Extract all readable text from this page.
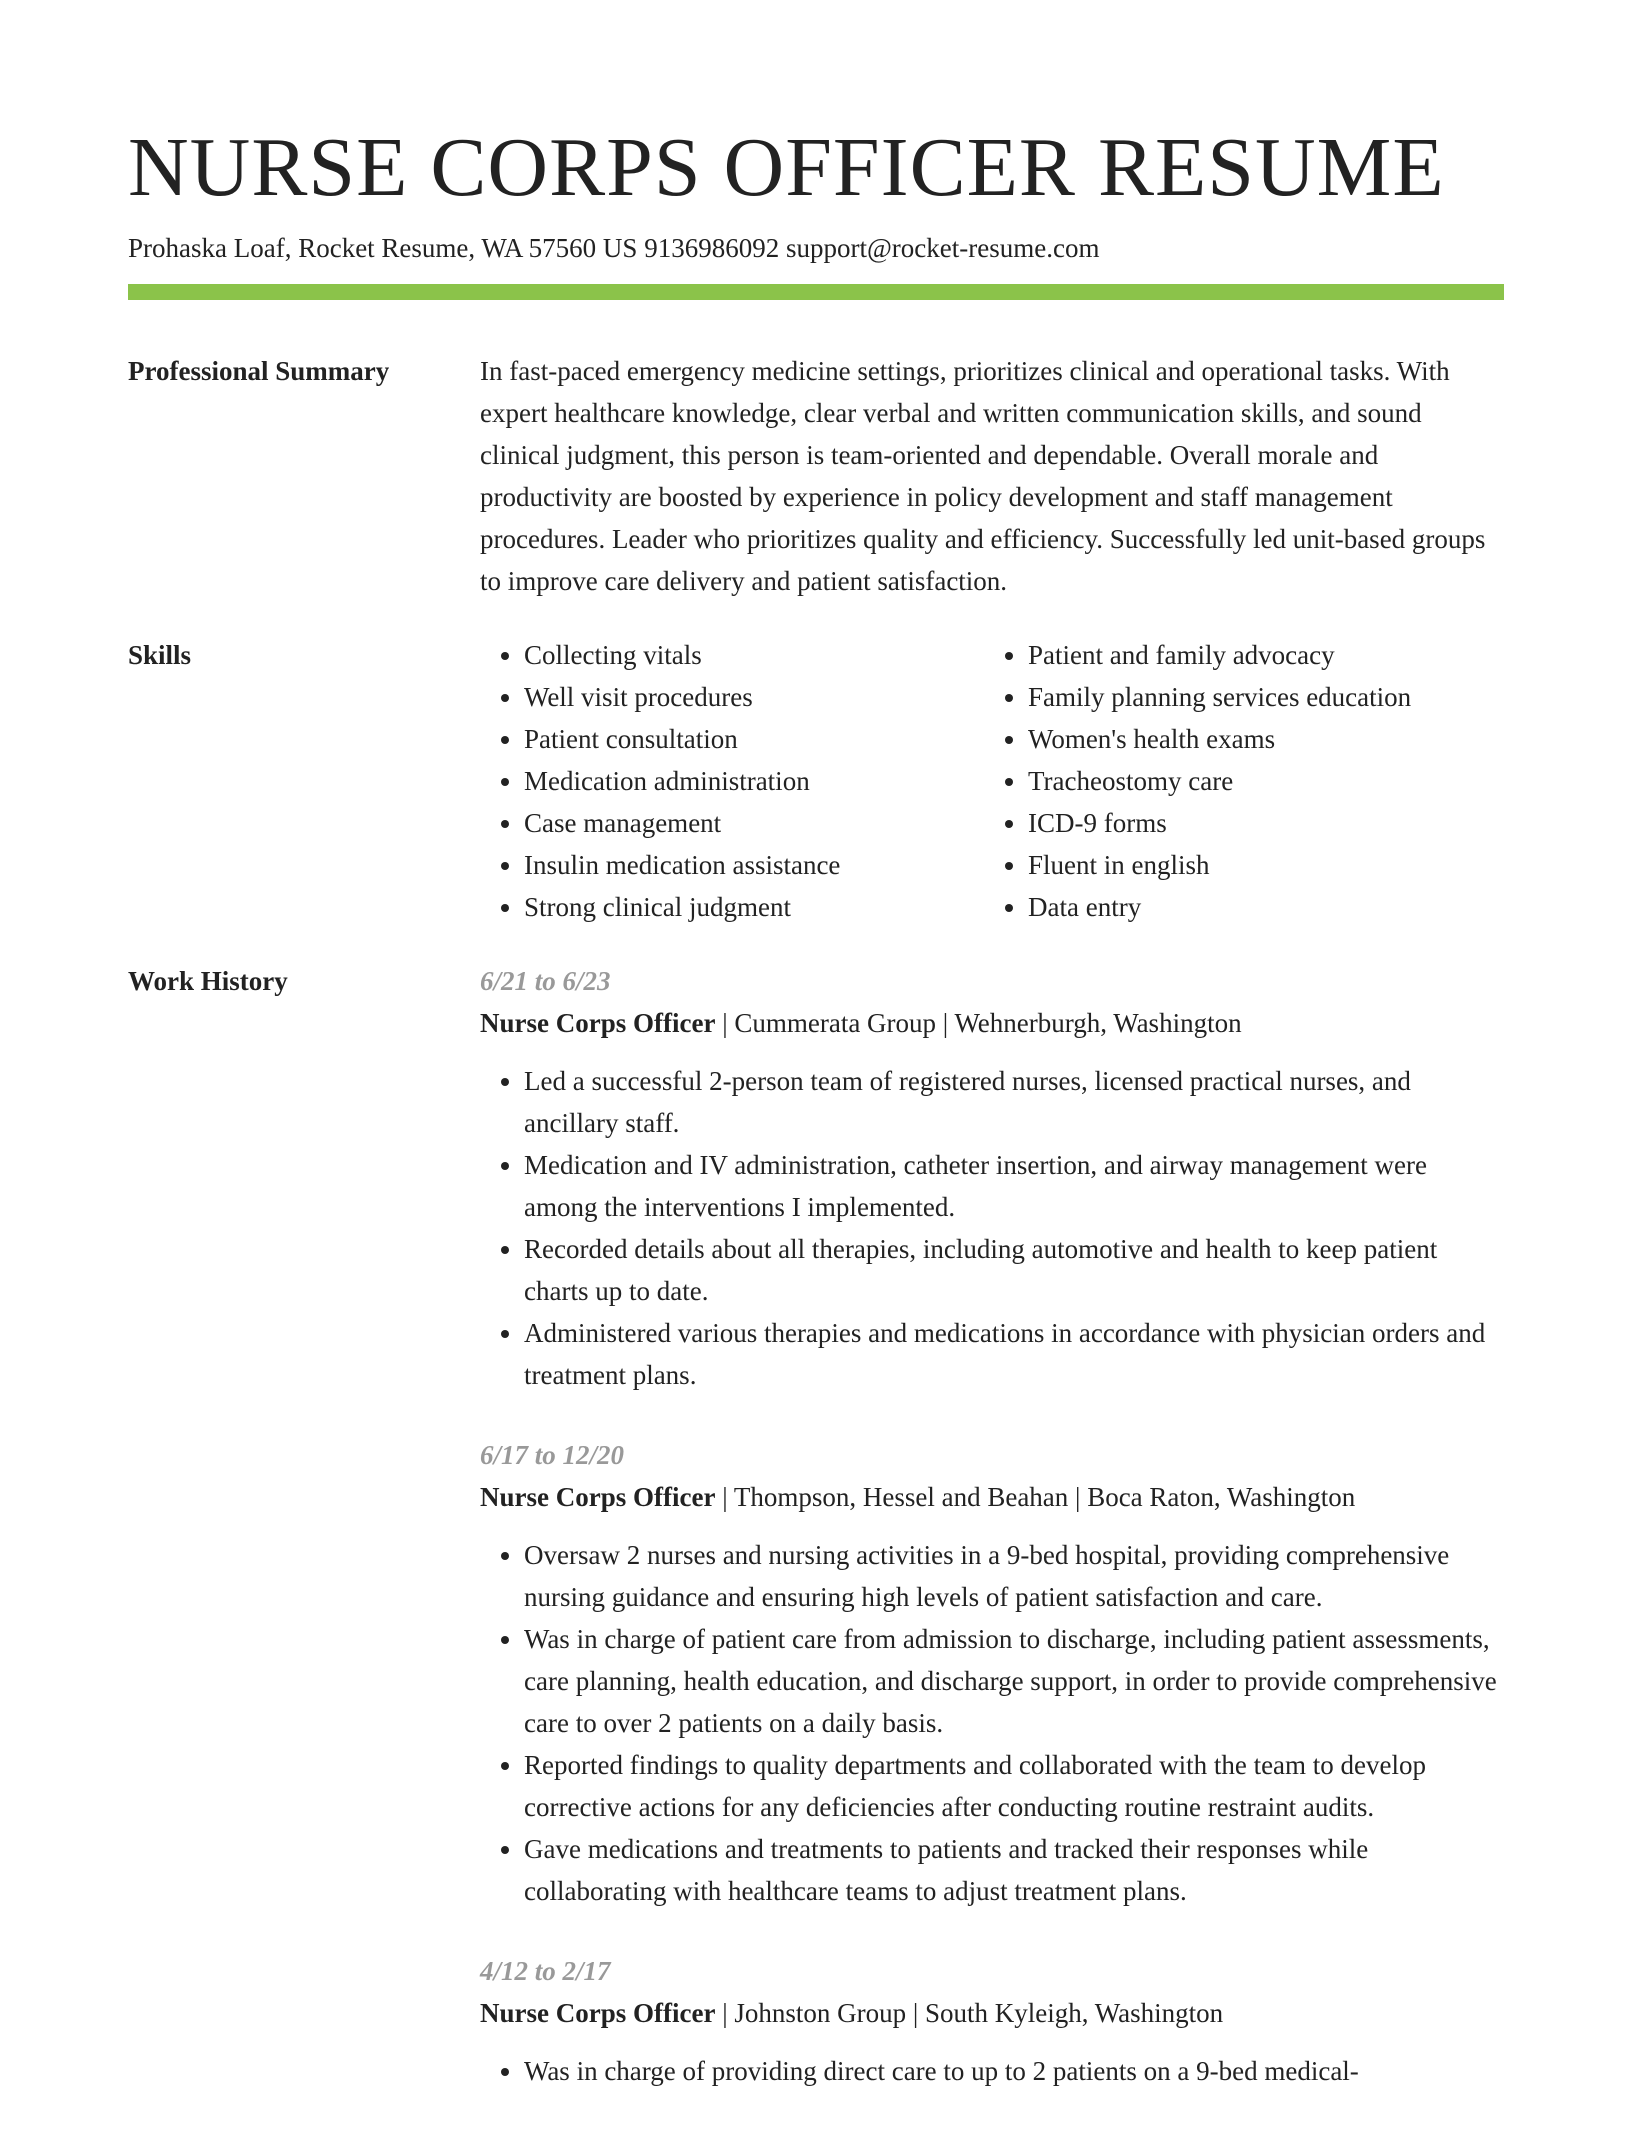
NURSE CORPS OFFICER RESUME
Prohaska Loaf, Rocket Resume, WA 57560 US 9136986092 support@rocket-resume.com
Professional Summary	In fast-paced emergency medicine settings, prioritizes clinical and operational tasks. With expert healthcare knowledge, clear verbal and written communication skills, and sound clinical judgment, this person is team-oriented and dependable. Overall morale and productivity are boosted by experience in policy development and staff management procedures. Leader who prioritizes quality and efficiency. Successfully led unit-based groups to improve care delivery and patient satisfaction.

Skills
•	Collecting vitals
• Well visit procedures
• Patient consultation
• Medication administration
• Case management
• Insulin medication assistance
• Strong clinical judgment
• Patient and family advocacy
• Family planning services education
• Women's health exams
• Tracheostomy care
• ICD-9 forms
• Fluent in english
• Data entry
Work History	6/21 to 6/23
Nurse Corps Officer | Cummerata Group | Wehnerburgh, Washington
• Led a successful 2-person team of registered nurses, licensed practical nurses, and ancillary staff.
• Medication and IV administration, catheter insertion, and airway management were among the interventions I implemented.
• Recorded details about all therapies, including automotive and health to keep patient charts up to date.
• Administered various therapies and medications in accordance with physician orders and treatment plans.
6/17 to 12/20
Nurse Corps Officer | Thompson, Hessel and Beahan | Boca Raton, Washington
• Oversaw 2 nurses and nursing activities in a 9-bed hospital, providing comprehensive nursing guidance and ensuring high levels of patient satisfaction and care.
• Was in charge of patient care from admission to discharge, including patient assessments, care planning, health education, and discharge support, in order to provide comprehensive care to over 2 patients on a daily basis.
• Reported findings to quality departments and collaborated with the team to develop corrective actions for any deficiencies after conducting routine restraint audits.
• Gave medications and treatments to patients and tracked their responses while collaborating with healthcare teams to adjust treatment plans.
4/12 to 2/17
Nurse Corps Officer | Johnston Group | South Kyleigh, Washington
• Was in charge of providing direct care to up to 2 patients on a 9-bed medical-
